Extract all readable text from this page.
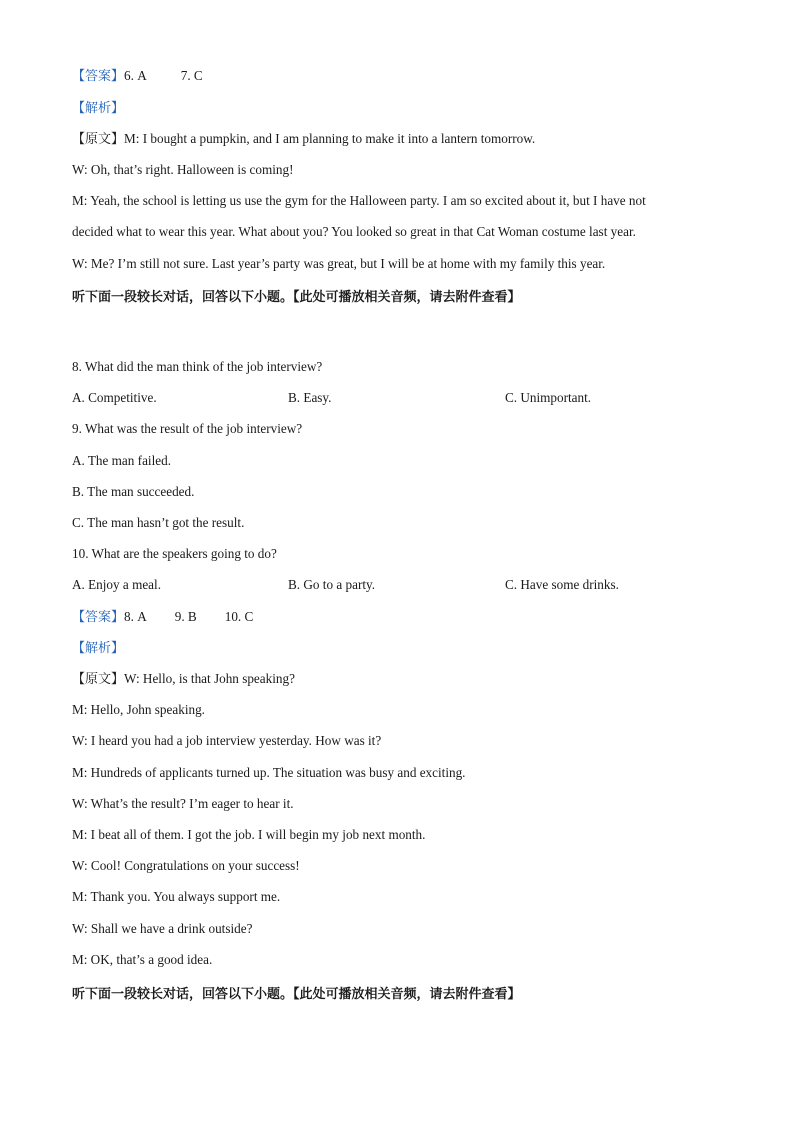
【答案】6. A	7. C
【解析】
【原文】M: I bought a pumpkin, and I am planning to make it into a lantern tomorrow.
W: Oh, that’s right. Halloween is coming!
M: Yeah, the school is letting us use the gym for the Halloween party. I am so excited about it, but I have not
decided what to wear this year. What about you? You looked so great in that Cat Woman costume last year.
W: Me? I’m still not sure. Last year’s party was great, but I will be at home with my family this year.
听下面一段较长对话，回答以下小题。【此处可播放相关音频，请去附件查看】
8. What did the man think of the job interview?
A. Competitive.	B. Easy.	C. Unimportant.
9. What was the result of the job interview?
A. The man failed.
B. The man succeeded.
C. The man hasn’t got the result.
10. What are the speakers going to do?
A. Enjoy a meal.	B. Go to a party.	C. Have some drinks.
【答案】8. A 9. B 10. C
【解析】
【原文】W: Hello, is that John speaking?
M: Hello, John speaking.
W: I heard you had a job interview yesterday. How was it?
M: Hundreds of applicants turned up. The situation was busy and exciting.
W: What’s the result? I’m eager to hear it.
M: I beat all of them. I got the job. I will begin my job next month.
W: Cool! Congratulations on your success!
M: Thank you. You always support me.
W: Shall we have a drink outside?
M: OK, that’s a good idea.
听下面一段较长对话，回答以下小题。【此处可播放相关音频，请去附件查看】
